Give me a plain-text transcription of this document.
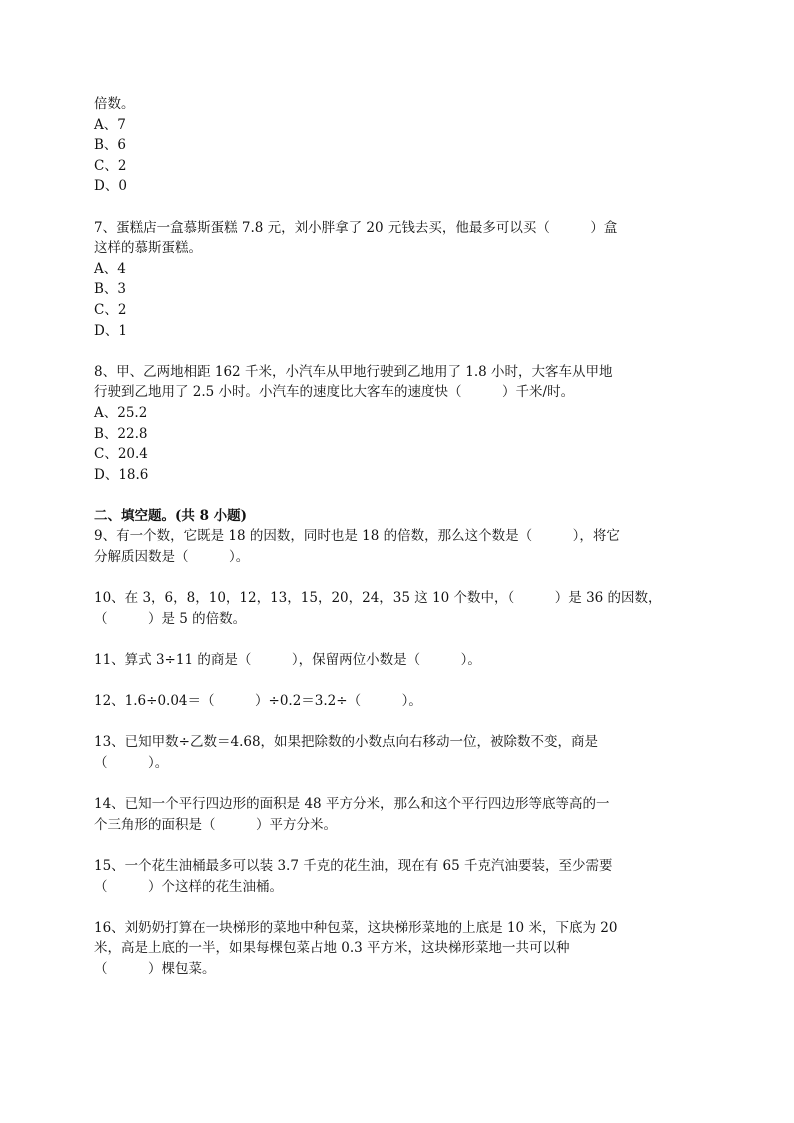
倍数。
A、7
B、6
C、2
D、0
7、蛋糕店一盒慕斯蛋糕 7.8 元，刘小胖拿了 20 元钱去买，他最多可以买（　　　）盒
这样的慕斯蛋糕。
A、4
B、3
C、2
D、1
8、甲、乙两地相距 162 千米，小汽车从甲地行驶到乙地用了 1.8 小时，大客车从甲地
行驶到乙地用了 2.5 小时。小汽车的速度比大客车的速度快（　　　）千米/时。
A、25.2
B、22.8
C、20.4
D、18.6
二、填空题。(共 8 小题)
9、有一个数，它既是 18 的因数，同时也是 18 的倍数，那么这个数是（　　　），将它
分解质因数是（　　　）。
10、在 3，6，8，10，12，13，15，20，24，35 这 10 个数中，（　　　）是 36 的因数，
（　　　）是 5 的倍数。
11、算式 3÷11 的商是（　　　），保留两位小数是（　　　）。
12、1.6÷0.04＝（　　　）÷0.2＝3.2÷（　　　）。
13、已知甲数÷乙数＝4.68，如果把除数的小数点向右移动一位，被除数不变，商是
（　　　）。
14、已知一个平行四边形的面积是 48 平方分米，那么和这个平行四边形等底等高的一
个三角形的面积是（　　　）平方分米。
15、一个花生油桶最多可以装 3.7 千克的花生油，现在有 65 千克汽油要装，至少需要
（　　　）个这样的花生油桶。
16、刘奶奶打算在一块梯形的菜地中种包菜，这块梯形菜地的上底是 10 米，下底为 20
米，高是上底的一半，如果每棵包菜占地 0.3 平方米，这块梯形菜地一共可以种
（　　　）棵包菜。
